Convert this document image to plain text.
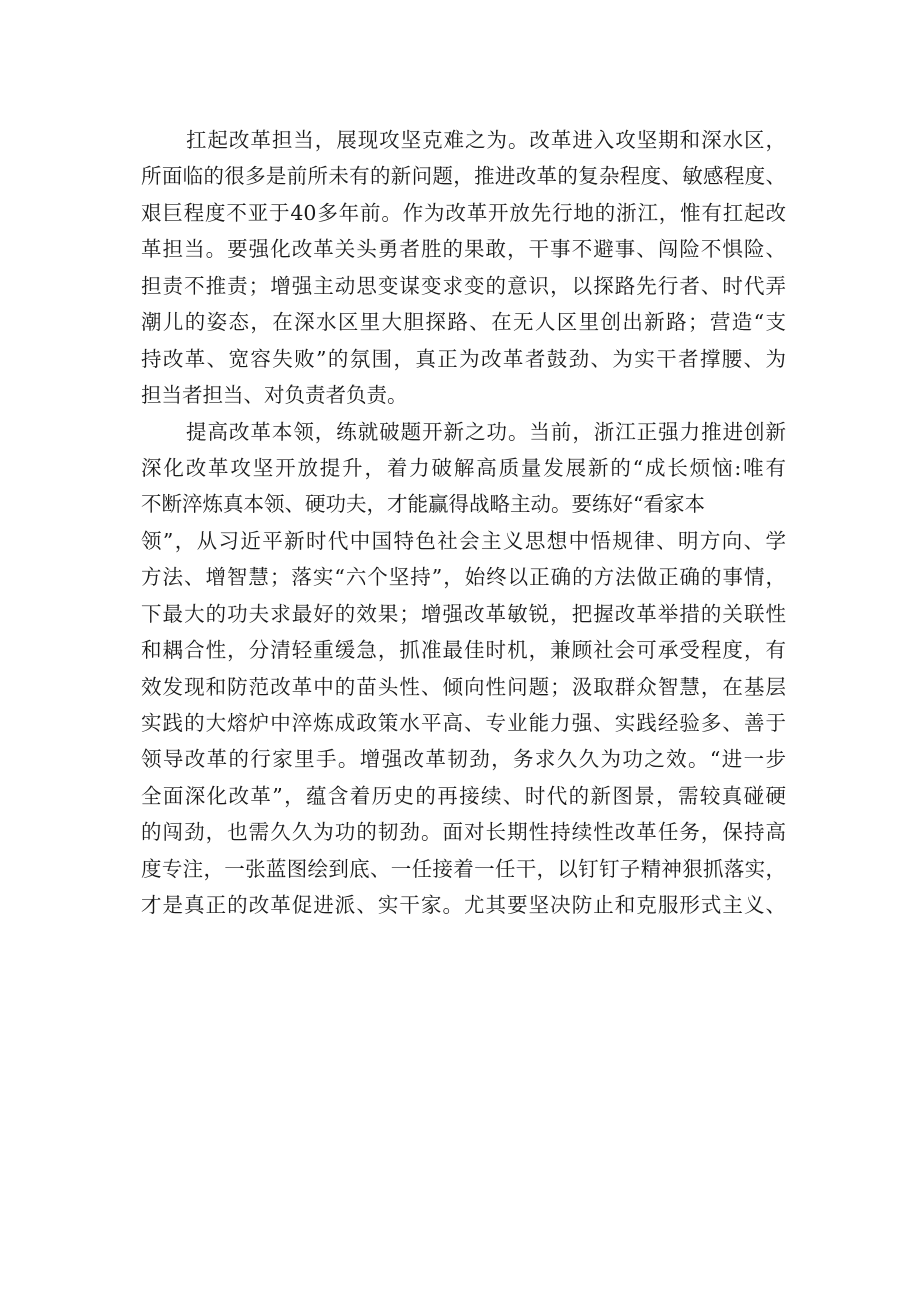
扛起改革担当，展现攻坚克难之为。改革进入攻坚期和深水区，
所面临的很多是前所未有的新问题，推进改革的复杂程度、敏感程度、
艰巨程度不亚于40多年前。作为改革开放先行地的浙江，惟有扛起改
革担当。要强化改革关头勇者胜的果敢，干事不避事、闯险不惧险、
担责不推责；增强主动思变谋变求变的意识，以探路先行者、时代弄
潮儿的姿态，在深水区里大胆探路、在无人区里创出新路；营造“支
持改革、宽容失败”的氛围，真正为改革者鼓劲、为实干者撑腰、为
担当者担当、对负责者负责。
提高改革本领，练就破题开新之功。当前，浙江正强力推进创新
深化改革攻坚开放提升，着力破解高质量发展新的“成长烦恼:唯有
不断淬炼真本领、硬功夫，才能赢得战略主动。要练好“看家本
领”，从习近平新时代中国特色社会主义思想中悟规律、明方向、学
方法、增智慧；落实“六个坚持”，始终以正确的方法做正确的事情，
下最大的功夫求最好的效果；增强改革敏锐，把握改革举措的关联性
和耦合性，分清轻重缓急，抓准最佳时机，兼顾社会可承受程度，有
效发现和防范改革中的苗头性、倾向性问题；汲取群众智慧，在基层
实践的大熔炉中淬炼成政策水平高、专业能力强、实践经验多、善于
领导改革的行家里手。增强改革韧劲，务求久久为功之效。“进一步
全面深化改革”，蕴含着历史的再接续、时代的新图景，需较真碰硬
的闯劲，也需久久为功的韧劲。面对长期性持续性改革任务，保持高
度专注，一张蓝图绘到底、一任接着一任干，以钉钉子精神狠抓落实，
才是真正的改革促进派、实干家。尤其要坚决防止和克服形式主义、
